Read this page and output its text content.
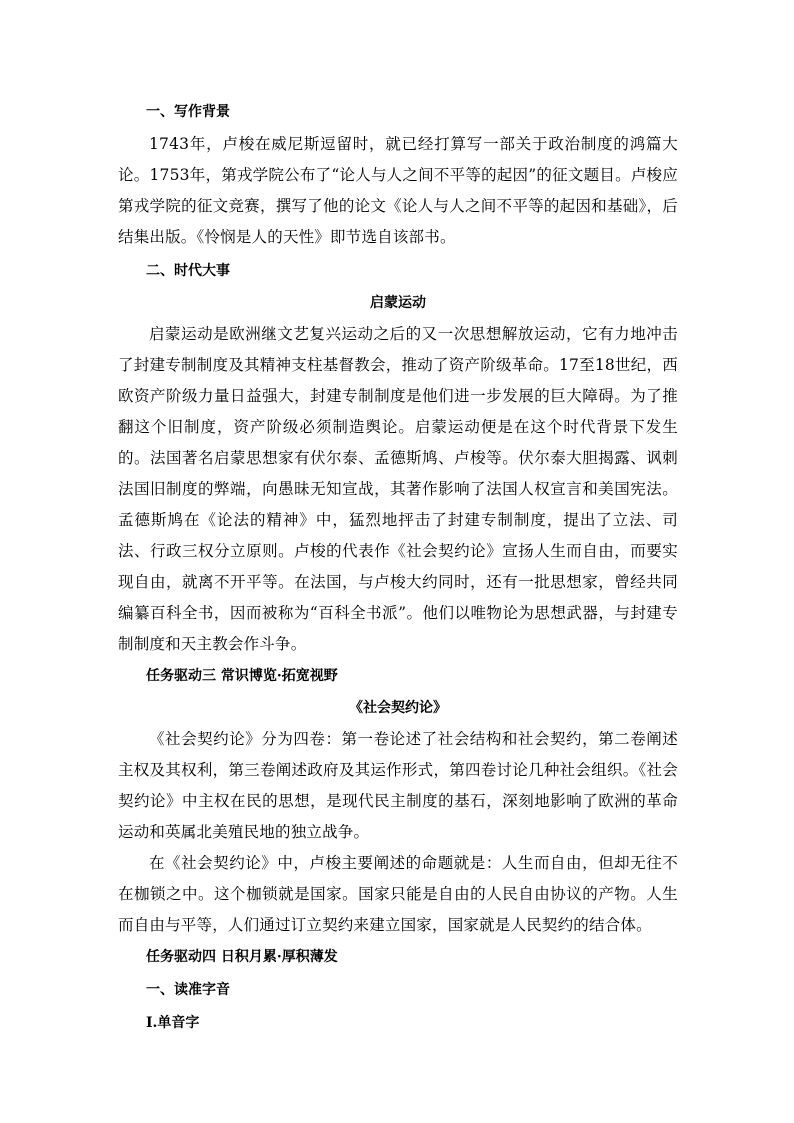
一、写作背景

1743年，卢梭在威尼斯逗留时，就已经打算写一部关于政治制度的鸿篇大论。1753年，第戎学院公布了“论人与人之间不平等的起因”的征文题目。卢梭应第戎学院的征文竞赛，撰写了他的论文《论人与人之间不平等的起因和基础》，后结集出版。《怜悯是人的天性》即节选自该部书。

二、时代大事

启蒙运动

启蒙运动是欧洲继文艺复兴运动之后的又一次思想解放运动，它有力地冲击了封建专制制度及其精神支柱基督教会，推动了资产阶级革命。17至18世纪，西欧资产阶级力量日益强大，封建专制制度是他们进一步发展的巨大障碍。为了推翻这个旧制度，资产阶级必须制造舆论。启蒙运动便是在这个时代背景下发生的。法国著名启蒙思想家有伏尔泰、孟德斯鸠、卢梭等。伏尔泰大胆揭露、讽刺法国旧制度的弊端，向愚昧无知宣战，其著作影响了法国人权宣言和美国宪法。孟德斯鸠在《论法的精神》中，猛烈地抨击了封建专制制度，提出了立法、司法、行政三权分立原则。卢梭的代表作《社会契约论》宣扬人生而自由，而要实现自由，就离不开平等。在法国，与卢梭大约同时，还有一批思想家，曾经共同编纂百科全书，因而被称为“百科全书派”。他们以唯物论为思想武器，与封建专制制度和天主教会作斗争。

任务驱动三 常识博览·拓宽视野

《社会契约论》

《社会契约论》分为四卷：第一卷论述了社会结构和社会契约，第二卷阐述主权及其权利，第三卷阐述政府及其运作形式，第四卷讨论几种社会组织。《社会契约论》中主权在民的思想，是现代民主制度的基石，深刻地影响了欧洲的革命运动和英属北美殖民地的独立战争。

在《社会契约论》中，卢梭主要阐述的命题就是：人生而自由，但却无往不在枷锁之中。这个枷锁就是国家。国家只能是自由的人民自由协议的产物。人生而自由与平等，人们通过订立契约来建立国家，国家就是人民契约的结合体。

任务驱动四 日积月累·厚积薄发

一、读准字音

Ⅰ.单音字
